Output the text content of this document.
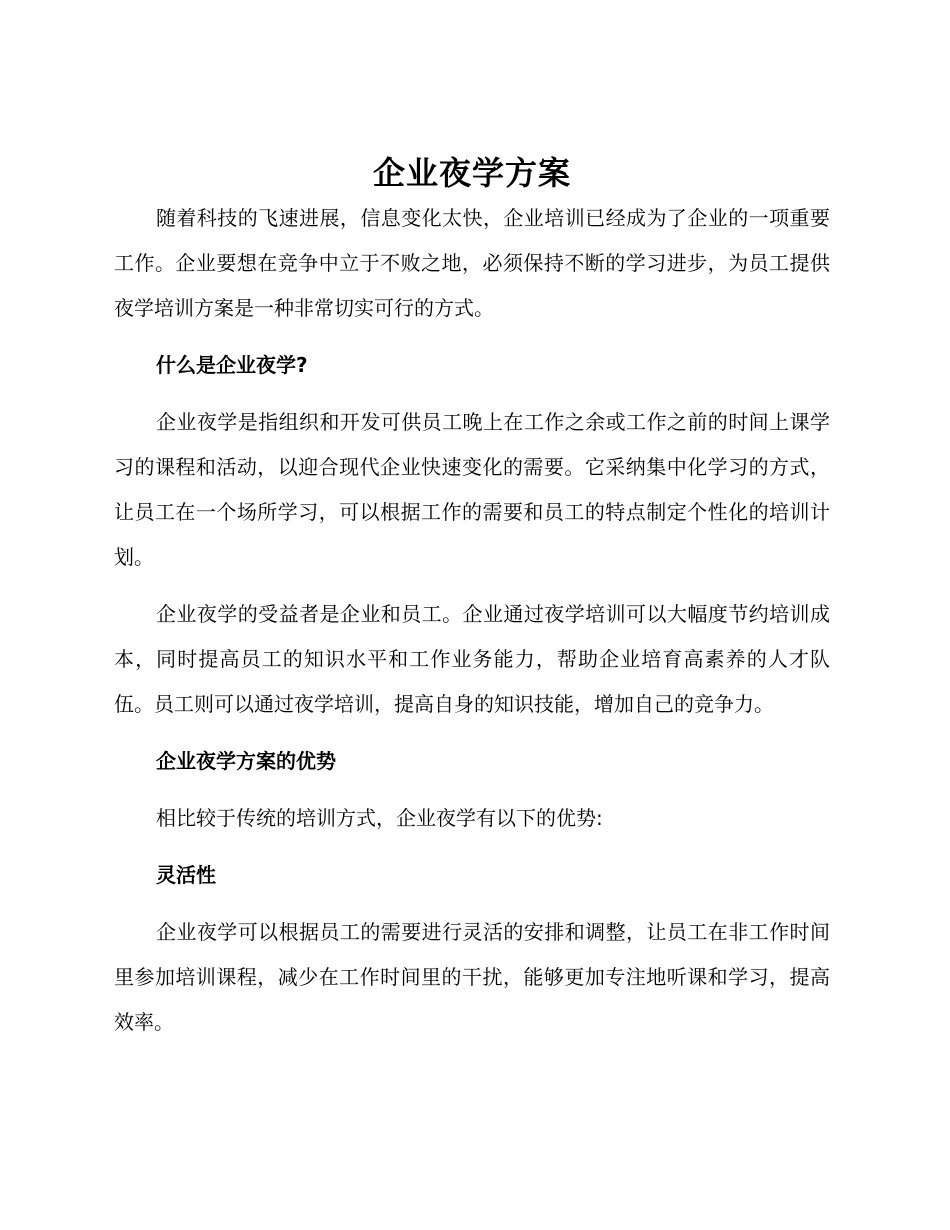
企业夜学方案

随着科技的飞速进展，信息变化太快，企业培训已经成为了企业的一项重要工作。企业要想在竞争中立于不败之地，必须保持不断的学习进步，为员工提供夜学培训方案是一种非常切实可行的方式。

什么是企业夜学?

企业夜学是指组织和开发可供员工晚上在工作之余或工作之前的时间上课学习的课程和活动，以迎合现代企业快速变化的需要。它采纳集中化学习的方式，让员工在一个场所学习，可以根据工作的需要和员工的特点制定个性化的培训计划。

企业夜学的受益者是企业和员工。企业通过夜学培训可以大幅度节约培训成本，同时提高员工的知识水平和工作业务能力，帮助企业培育高素养的人才队伍。员工则可以通过夜学培训，提高自身的知识技能，增加自己的竞争力。

企业夜学方案的优势

相比较于传统的培训方式，企业夜学有以下的优势:

灵活性

企业夜学可以根据员工的需要进行灵活的安排和调整，让员工在非工作时间里参加培训课程，减少在工作时间里的干扰，能够更加专注地听课和学习，提高效率。
